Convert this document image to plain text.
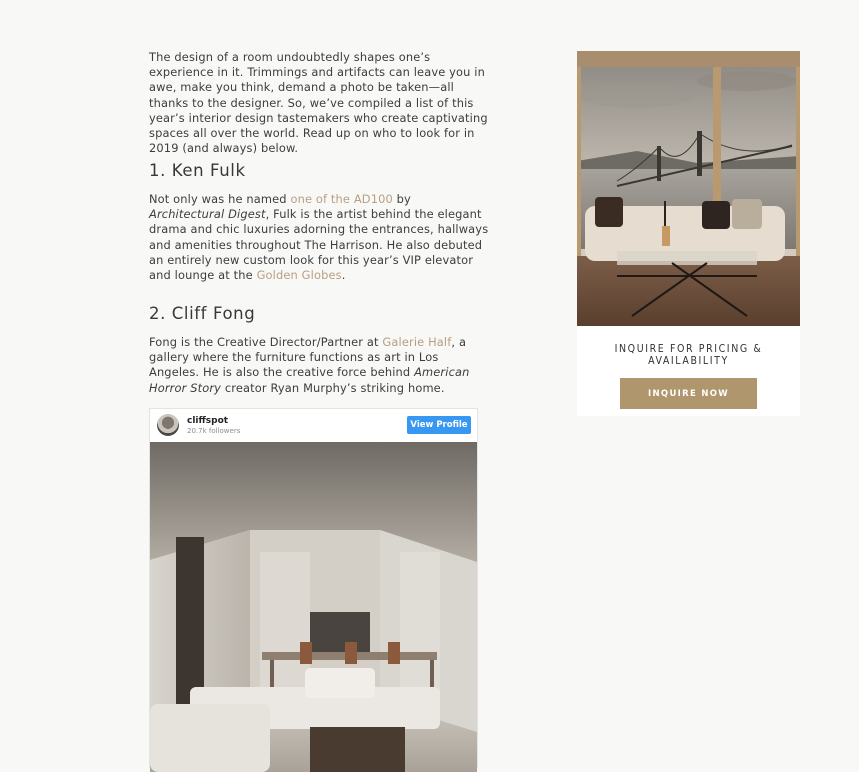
The design of a room undoubtedly shapes one’s experience in it. Trimmings and artifacts can leave you in awe, make you think, demand a photo be taken—all thanks to the designer. So, we’ve compiled a list of this year’s interior design tastemakers who create captivating spaces all over the world. Read up on who to look for in 2019 (and always) below.

1. Ken Fulk

Not only was he named one of the AD100 by Architectural Digest, Fulk is the artist behind the elegant drama and chic luxuries adorning the entrances, hallways and amenities throughout The Harrison. He also debuted an entirely new custom look for this year’s VIP elevator and lounge at the Golden Globes.

2. Cliff Fong

Fong is the Creative Director/Partner at Galerie Half, a gallery where the furniture functions as art in Los Angeles. He is also the creative force behind American Horror Story creator Ryan Murphy’s striking home.

cliffspot
20.7k followers
View Profile
INQUIRE FOR PRICING & AVAILABILITY
INQUIRE NOW
